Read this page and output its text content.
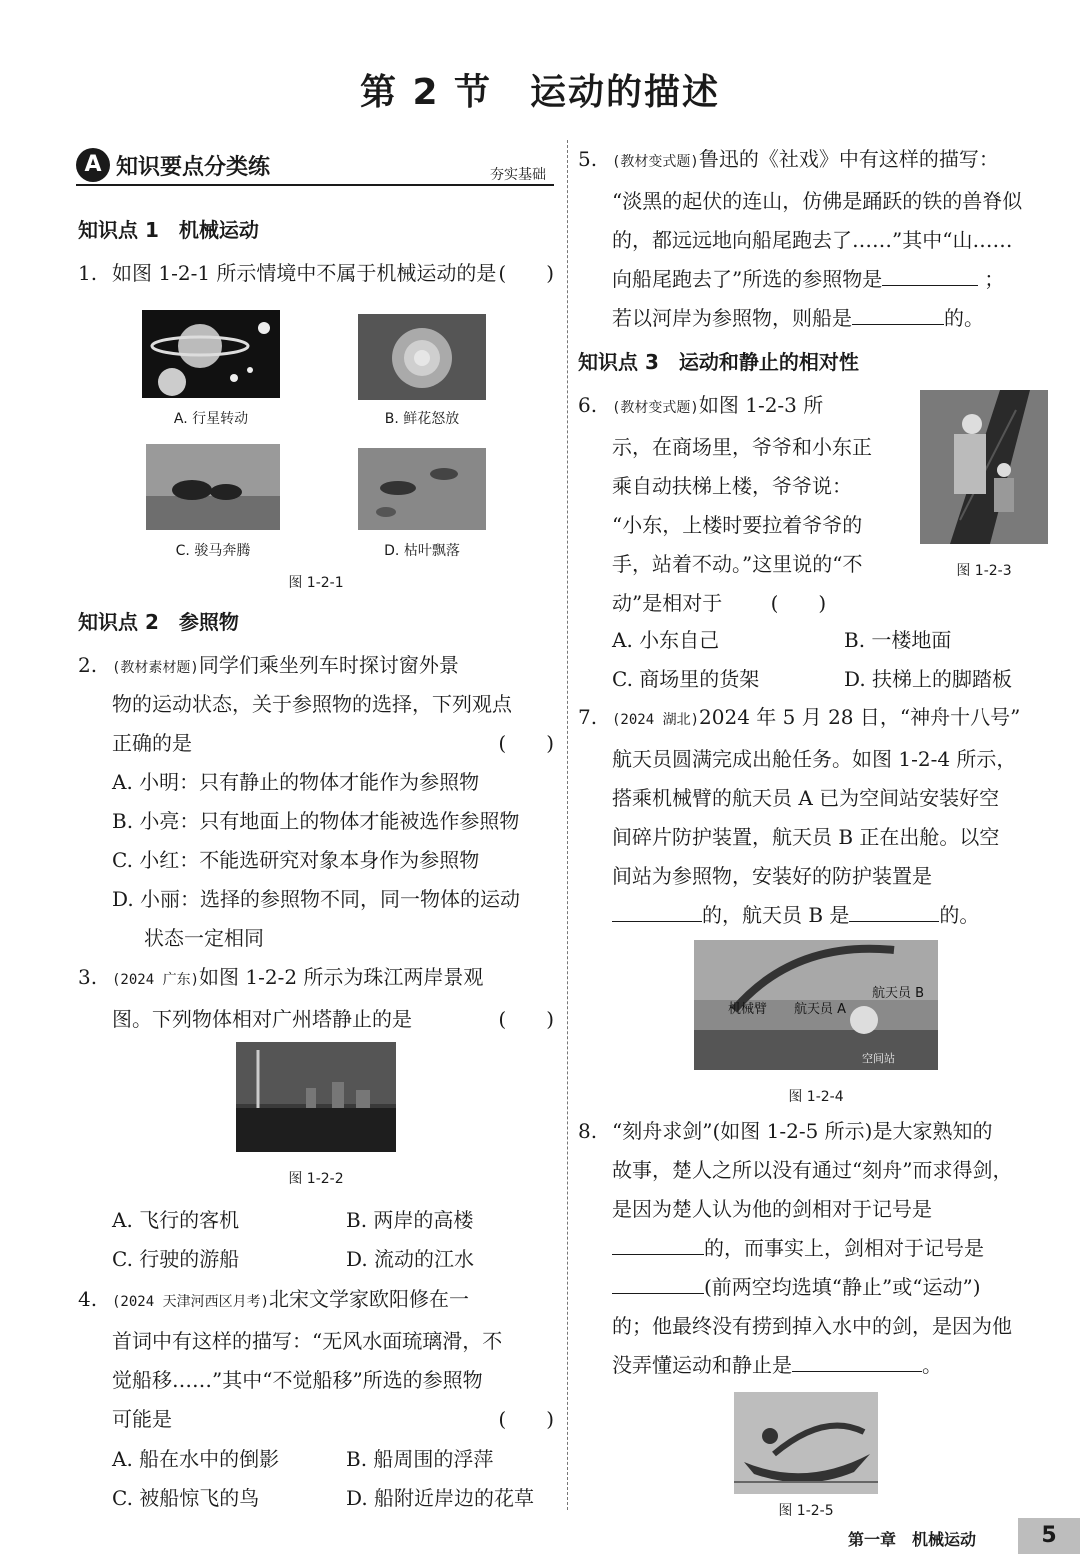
第 2 节　运动的描述
A 知识要点分类练	夯实基础
知识点 1　机械运动
1. 如图 1-2-1 所示情境中不属于机械运动的是 (　　)
A. 行星转动	B. 鲜花怒放
C. 骏马奔腾	D. 枯叶飘落
图 1-2-1
知识点 2　参照物
2. (教材素材题)同学们乘坐列车时探讨窗外景
物的运动状态，关于参照物的选择，下列观点
正确的是	(　　)
A. 小明：只有静止的物体才能作为参照物
B. 小亮：只有地面上的物体才能被选作参照物
C. 小红：不能选研究对象本身作为参照物
D. 小丽：选择的参照物不同，同一物体的运动
状态一定相同
3. (2024 广东)如图 1-2-2 所示为珠江两岸景观
图。下列物体相对广州塔静止的是	(　　)
图 1-2-2
A. 飞行的客机	B. 两岸的高楼
C. 行驶的游船	D. 流动的江水
4. (2024 天津河西区月考)北宋文学家欧阳修在一
首词中有这样的描写：“无风水面琉璃滑，不
觉船移……”其中“不觉船移”所选的参照物
可能是	(　　)
A. 船在水中的倒影	B. 船周围的浮萍
C. 被船惊飞的鸟	D. 船附近岸边的花草
5. (教材变式题)鲁迅的《社戏》中有这样的描写：
“淡黑的起伏的连山，仿佛是踊跃的铁的兽脊似
的，都远远地向船尾跑去了……”其中“山……
向船尾跑去了”所选的参照物是	；
若以河岸为参照物，则船是	的。
知识点 3　运动和静止的相对性
6. (教材变式题)如图 1-2-3 所
示，在商场里，爷爷和小东正
乘自动扶梯上楼，爷爷说：
“小东，上楼时要拉着爷爷的
手，站着不动。”这里说的“不
动”是相对于 (　　)
图 1-2-3
A. 小东自己	B. 一楼地面
C. 商场里的货架	D. 扶梯上的脚踏板
7. (2024 湖北)2024 年 5 月 28 日，“神舟十八号”
航天员圆满完成出舱任务。如图 1-2-4 所示，
搭乘机械臂的航天员 A 已为空间站安装好空
间碎片防护装置，航天员 B 正在出舱。以空
间站为参照物，安装好的防护装置是
的，航天员 B 是	的。
机械臂 航天员 A
航天员 B
空间站
图 1-2-4
8. “刻舟求剑”(如图 1-2-5 所示)是大家熟知的
故事，楚人之所以没有通过“刻舟”而求得剑，
是因为楚人认为他的剑相对于记号是
的，而事实上，剑相对于记号是
(前两空均选填“静止”或“运动”)
的；他最终没有捞到掉入水中的剑，是因为他
没弄懂运动和静止是	。
图 1-2-5
第一章　机械运动	5
